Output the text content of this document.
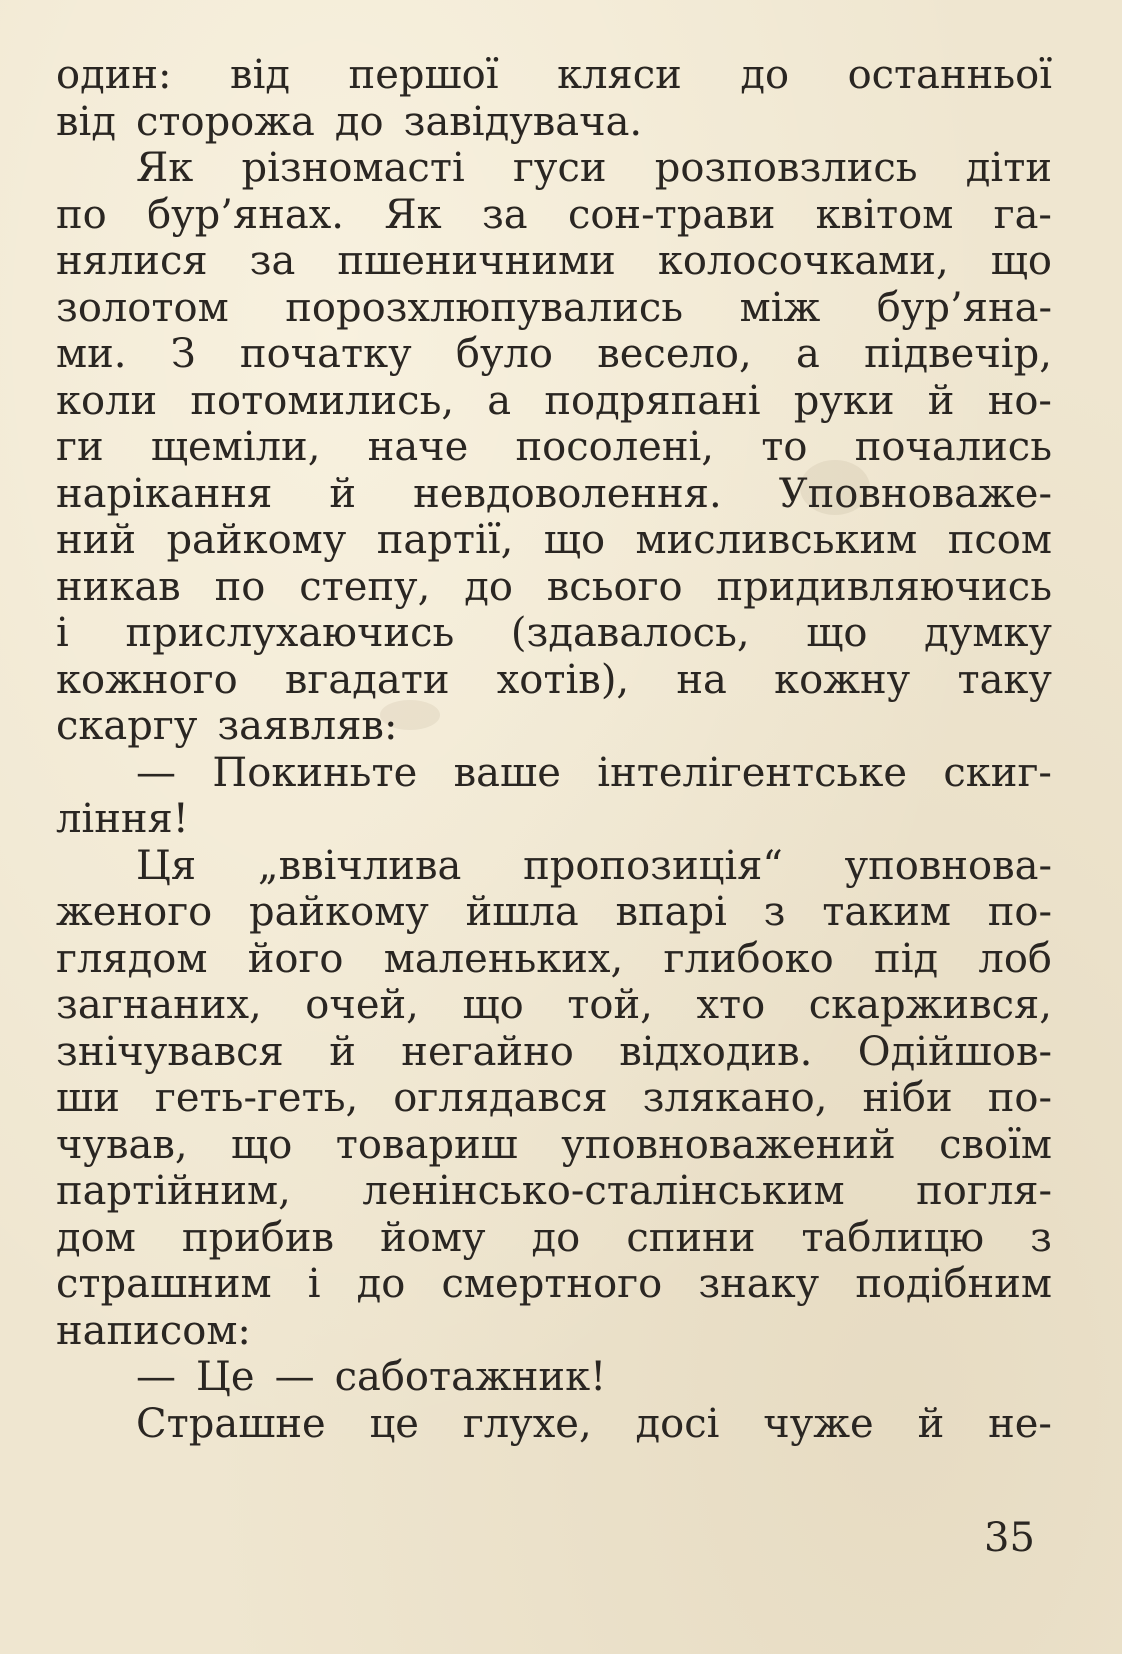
один: від першої кляси до останньої
від сторожа до завідувача.
Як різномасті гуси розповзлись діти
по бур’янах. Як за сон-трави квітом га-
нялися за пшеничними колосочками, що
золотом порозхлюпувались між бур’яна-
ми. З початку було весело, а підвечір,
коли потомились, а подряпані руки й но-
ги щеміли, наче посолені, то почались
нарікання й невдоволення. Уповноваже-
ний райкому партії, що мисливським псом
никав по степу, до всього придивляючись
і прислухаючись (здавалось, що думку
кожного вгадати хотів), на кожну таку
скаргу заявляв:
— Покиньте ваше інтелігентське скиг-
ління!
Ця „ввічлива пропозиція“ уповнова-
женого райкому йшла впарі з таким по-
глядом його маленьких, глибоко під лоб
загнаних, очей, що той, хто скаржився,
знічувався й негайно відходив. Одійшов-
ши геть-геть, оглядався злякано, ніби по-
чував, що товариш уповноважений своїм
партійним, ленінсько-сталінським погля-
дом прибив йому до спини таблицю з
страшним і до смертного знаку подібним
написом:
— Це — саботажник!
Страшне це глухе, досі чуже й не-
35
